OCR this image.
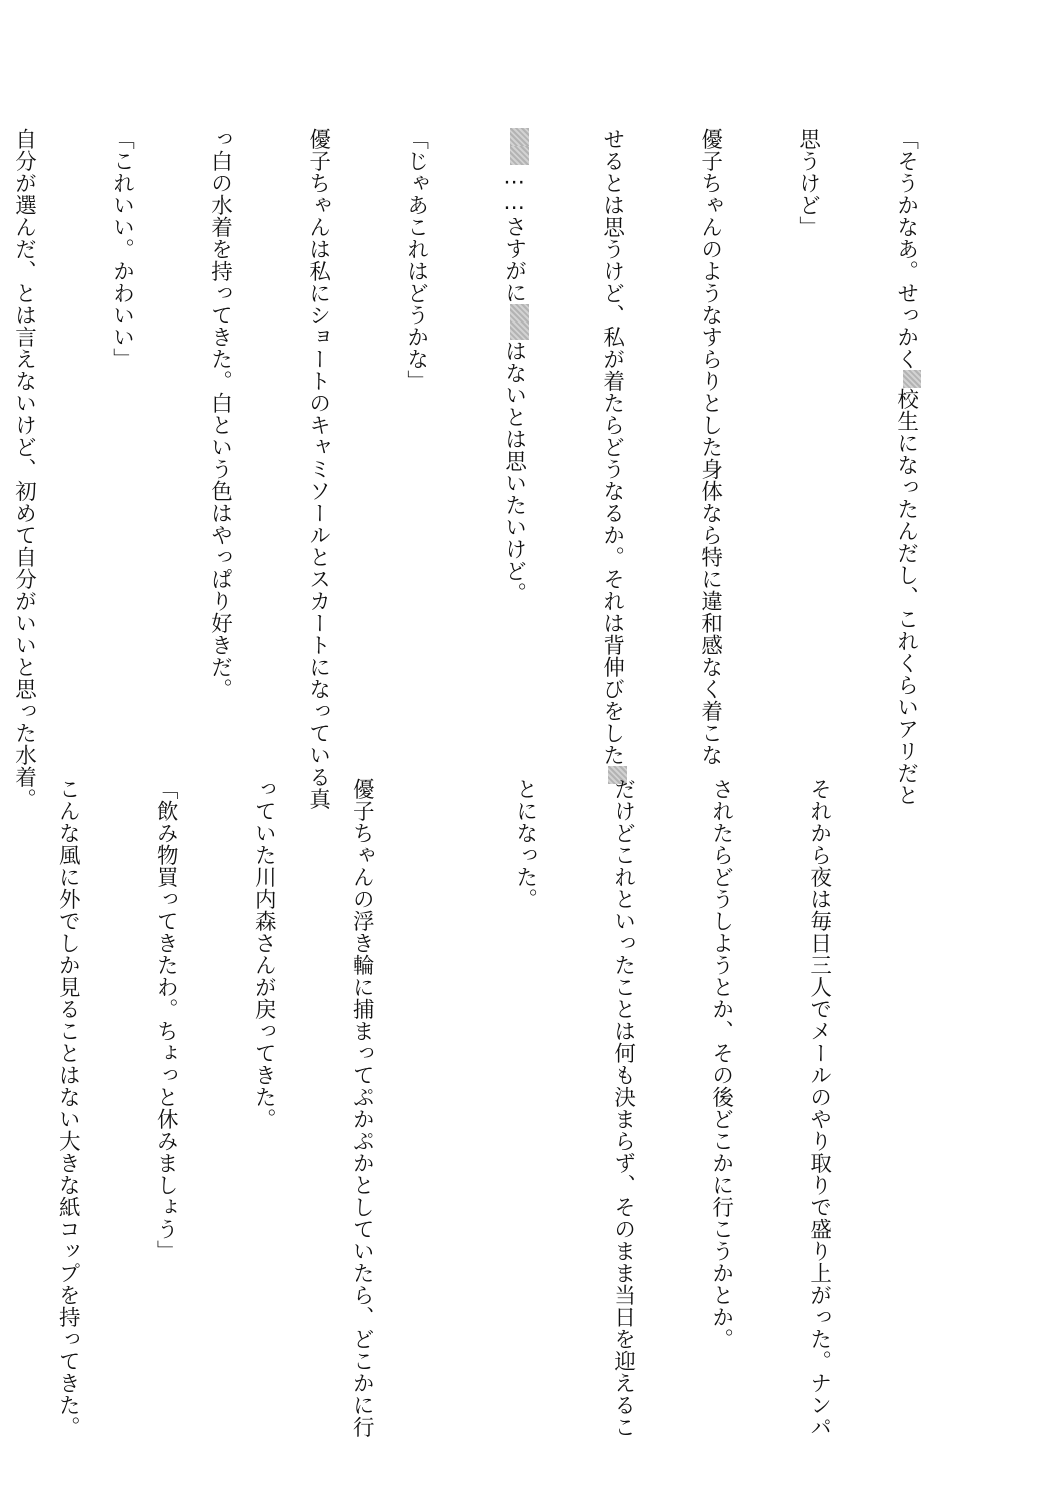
「そうかなあ。せっかく校生になったんだし、これくらいアリだと

思うけど」

優子ちゃんのようなすらりとした身体なら特に違和感なく着こな

せるとは思うけど、私が着たらどうなるか。それは背伸びをした

……さすがにはないとは思いたいけど。

「じゃあこれはどうかな」

優子ちゃんは私にショートのキャミソールとスカートになっている真

っ白の水着を持ってきた。白という色はやっぱり好きだ。

「これいい。かわいい」

自分が選んだ、とは言えないけど、初めて自分がいいと思った水着。

それから夜は毎日三人でメールのやり取りで盛り上がった。ナンパ

されたらどうしようとか、その後どこかに行こうかとか。

だけどこれといったことは何も決まらず、そのまま当日を迎えるこ

とになった。

優子ちゃんの浮き輪に捕まってぷかぷかとしていたら、どこかに行

っていた川内森さんが戻ってきた。

「飲み物買ってきたわ。ちょっと休みましょう」

こんな風に外でしか見ることはない大きな紙コップを持ってきた。
